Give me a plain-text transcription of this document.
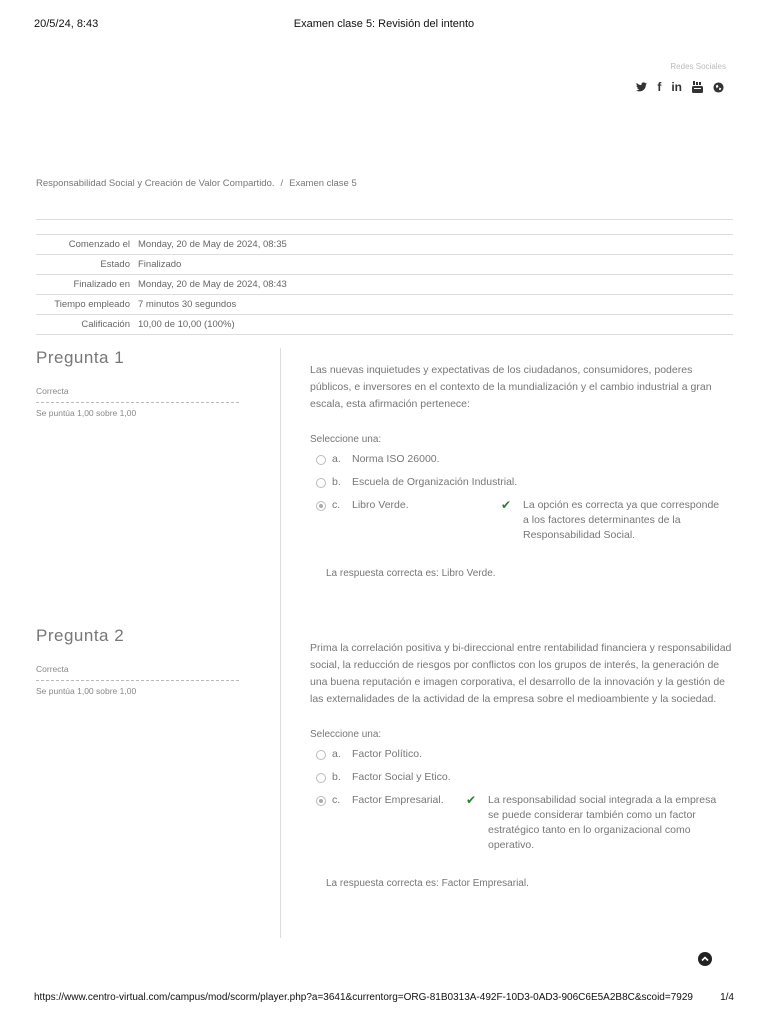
20/5/24, 8:43	Examen clase 5: Revisión del intento
Redes Sociales
f in
Responsabilidad Social y Creación de Valor Compartido. / Examen clase 5
Comenzado el	Monday, 20 de May de 2024, 08:35
Estado	Finalizado
Finalizado en	Monday, 20 de May de 2024, 08:43
Tiempo empleado	7 minutos 30 segundos
Calificación	10,00 de 10,00 (100%)
Pregunta 1
Correcta
Se puntúa 1,00 sobre 1,00
Las nuevas inquietudes y expectativas de los ciudadanos, consumidores, poderes públicos, e inversores en el contexto de la mundialización y el cambio industrial a gran escala, esta afirmación pertenece:
Seleccione una:
a.	Norma ISO 26000.
b.	Escuela de Organización Industrial.
c.	Libro Verde.	✔	La opción es correcta ya que corresponde a los factores determinantes de la Responsabilidad Social.
La respuesta correcta es: Libro Verde.
Pregunta 2
Correcta
Se puntúa 1,00 sobre 1,00
Prima la correlación positiva y bi-direccional entre rentabilidad financiera y responsabilidad social, la reducción de riesgos por conflictos con los grupos de interés, la generación de una buena reputación e imagen corporativa, el desarrollo de la innovación y la gestión de las externalidades de la actividad de la empresa sobre el medioambiente y la sociedad.
Seleccione una:
a.	Factor Político.
b.	Factor Social y Etico.
c.	Factor Empresarial.	✔	La responsabilidad social integrada a la empresa se puede considerar también como un factor estratégico tanto en lo organizacional como operativo.
La respuesta correcta es: Factor Empresarial.
https://www.centro-virtual.com/campus/mod/scorm/player.php?a=3641&currentorg=ORG-81B0313A-492F-10D3-0AD3-906C6E5A2B8C&scoid=7929	1/4
